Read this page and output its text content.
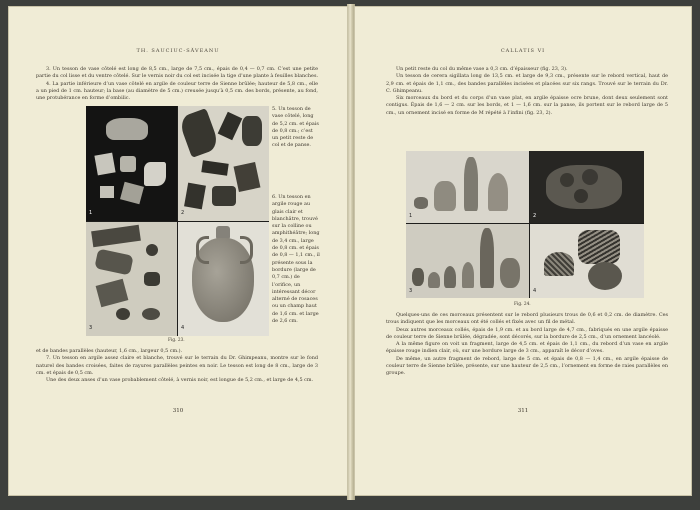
TH. SAUCIUC-SĂVEANU

3. Un tesson de vase côtelé est long de 8,5 cm., large de 7,5 cm., épais de 0,4 — 0,7 cm. C’est une petite partie du col lisse et du ventre côtelé. Sur le vernis noir du col est incisée la tige d’une plante à feuilles blanches.

4. La partie inférieure d’un vase côtelé en argile de couleur terre de Sienne brûlée; hauteur de 5,8 cm., elle a un pied de 1 cm. hauteur; la base (au diamètre de 5 cm.) creusée jusqu’à 0,5 cm. des bords, présente, au fond, une protubérance en forme d’ombilic.

1	2
3	4

5. Un tesson de vase côtelé, long de 5,2 cm. et épais de 0,8 cm.; c’est un petit reste de col et de panse.

6. Un tesson en argile rouge au glais clair et blanchâtre, trouvé sur la colline ou amphithéâtre; long de 3,4 cm., large de 0,8 cm. et épais de 0,8 — 1,1 cm., il présente sous la bordure (large de 0,7 cm.) de l’orifice, un intéressant décor alterné de rosaces ou un champ haut de 1,6 cm. et large de 2,6 cm.

Fig. 23.

et de bandes parallèles (hauteur, 1,6 cm., largeur 0,5 cm.).

7. Un tesson en argile assez claire et blanche, trouvé sur le terrain du Dr. Ghimpeanu, montre sur le fond naturel des bandes croisées, faites de rayures parallèles peintes en noir. Le tesson est long de 8 cm., large de 3 cm. et épais de 0,5 cm.

Une des deux anses d’un vase probablement côtelé, à vernis noir, est longue de 5,2 cm., et large de 4,5 cm.

310
CALLATIS VI

Un petit reste du col du même vase a 0,3 cm. d’épaisseur (fig. 23, 3).

Un tesson de cerera sigillata long de 13,5 cm. et large de 9,3 cm., présente sur le rebord vertical, haut de 2,9 cm. et épais de 1,1 cm., des bandes parallèles incisées et placées sur six rangs. Trouvé sur le terrain du Dr. C. Ghimpeanu.

Six morceaux du bord et du corps d’un vase plat, en argile épaisse ocre brune, dont deux seulement sont contigus. Épais de 1,6 — 2 cm. sur les bords, et 1 — 1,6 cm. sur la panse, ils portent sur le rebord large de 5 cm., un ornement incisé en forme de M répété à l’infini (fig. 23, 2).

1	2
3	4
Fig. 24.

Quelques-uns de ces morceaux présentent sur le rebord plusieurs trous de 0,6 et 0,2 cm. de diamètre. Ces trous indiquent que les morceaux ont été collés et fixés avec un fil de métal.

Deux autres morceaux collés, épais de 1,9 cm. et au bord large de 4,7 cm., fabriqués en une argile épaisse de couleur terre de Sienne brûlée, dégradée, sont décorés, sur la bordure de 2,5 cm., d’un ornement lancéolé.

A la même figure on voit un fragment, large de 4,5 cm. et épais de 1,1 cm., du rebord d’un vase en argile épaisse rouge indien clair, où, sur une bordure large de 3 cm., apparaît le décor d’oves.

De même, un autre fragment de rebord, large de 5 cm. et épais de 0,8 — 1,4 cm., en argile épaisse de couleur terre de Sienne brûlée, présente, sur une hauteur de 2,5 cm., l’ornement en forme de raies parallèles en groupe.

311
